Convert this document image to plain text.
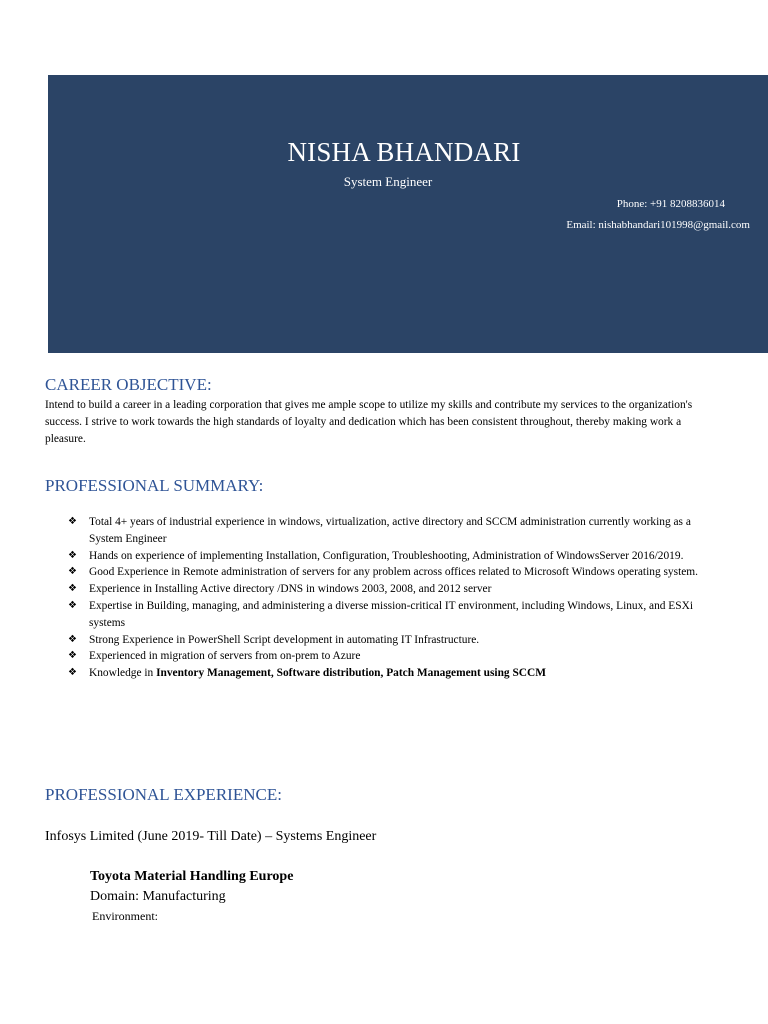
NISHA BHANDARI
System Engineer
Phone: +91 8208836014
Email: nishabhandari101998@gmail.com
CAREER OBJECTIVE:
Intend to build a career in a leading corporation that gives me ample scope to utilize my skills and contribute my services to the organization's success. I strive to work towards the high standards of loyalty and dedication which has been consistent throughout, thereby making work a pleasure.
PROFESSIONAL SUMMARY:
❖ Total 4+ years of industrial experience in windows, virtualization, active directory and SCCM administration currently working as a System Engineer
❖ Hands on experience of implementing Installation, Configuration, Troubleshooting, Administration of WindowsServer 2016/2019.
❖ Good Experience in Remote administration of servers for any problem across offices related to Microsoft Windows operating system.
❖ Experience in Installing Active directory /DNS in windows 2003, 2008, and 2012 server
❖ Expertise in Building, managing, and administering a diverse mission-critical IT environment, including Windows, Linux, and ESXi systems
❖ Strong Experience in PowerShell Script development in automating IT Infrastructure.
❖ Experienced in migration of servers from on-prem to Azure
❖ Knowledge in Inventory Management, Software distribution, Patch Management using SCCM
PROFESSIONAL EXPERIENCE:
Infosys Limited (June 2019- Till Date) – Systems Engineer
Toyota Material Handling Europe
Domain: Manufacturing
Environment:
